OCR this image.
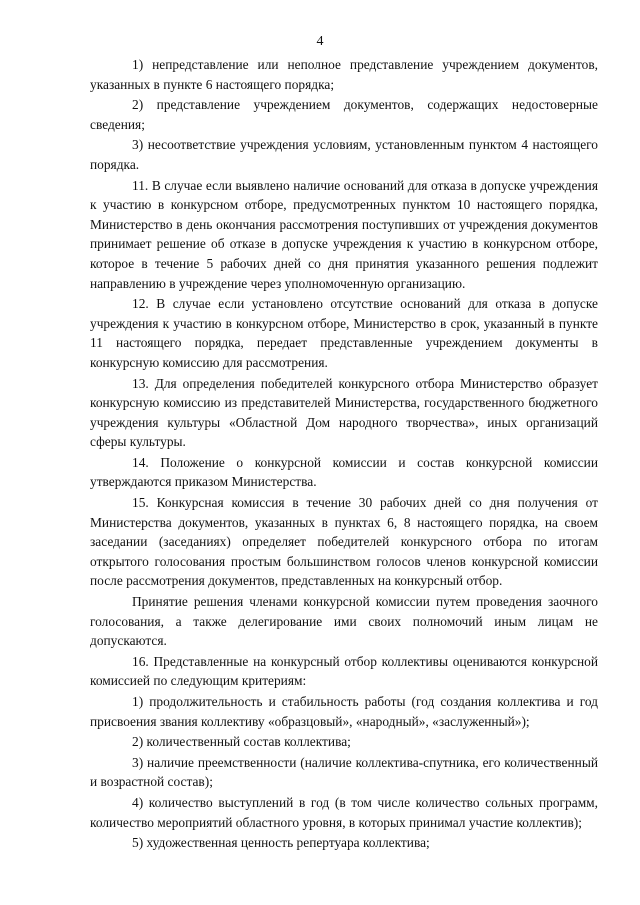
4

1) непредставление или неполное представление учреждением документов, указанных в пункте 6 настоящего порядка;

2) представление учреждением документов, содержащих недостоверные сведения;

3) несоответствие учреждения условиям, установленным пунктом 4 настоящего порядка.

11. В случае если выявлено наличие оснований для отказа в допуске учреждения к участию в конкурсном отборе, предусмотренных пунктом 10 настоящего порядка, Министерство в день окончания рассмотрения поступивших от учреждения документов принимает решение об отказе в допуске учреждения к участию в конкурсном отборе, которое в течение 5 рабочих дней со дня принятия указанного решения подлежит направлению в учреждение через уполномоченную организацию.

12. В случае если установлено отсутствие оснований для отказа в допуске учреждения к участию в конкурсном отборе, Министерство в срок, указанный в пункте 11 настоящего порядка, передает представленные учреждением документы в конкурсную комиссию для рассмотрения.

13. Для определения победителей конкурсного отбора Министерство образует конкурсную комиссию из представителей Министерства, государственного бюджетного учреждения культуры «Областной Дом народного творчества», иных организаций сферы культуры.

14. Положение о конкурсной комиссии и состав конкурсной комиссии утверждаются приказом Министерства.

15. Конкурсная комиссия в течение 30 рабочих дней со дня получения от Министерства документов, указанных в пунктах 6, 8 настоящего порядка, на своем заседании (заседаниях) определяет победителей конкурсного отбора по итогам открытого голосования простым большинством голосов членов конкурсной комиссии после рассмотрения документов, представленных на конкурсный отбор.

Принятие решения членами конкурсной комиссии путем проведения заочного голосования, а также делегирование ими своих полномочий иным лицам не допускаются.

16. Представленные на конкурсный отбор коллективы оцениваются конкурсной комиссией по следующим критериям:

1) продолжительность и стабильность работы (год создания коллектива и год присвоения звания коллективу «образцовый», «народный», «заслуженный»);

2) количественный состав коллектива;

3) наличие преемственности (наличие коллектива-спутника, его количественный и возрастной состав);

4) количество выступлений в год (в том числе количество сольных программ, количество мероприятий областного уровня, в которых принимал участие коллектив);

5) художественная ценность репертуара коллектива;
